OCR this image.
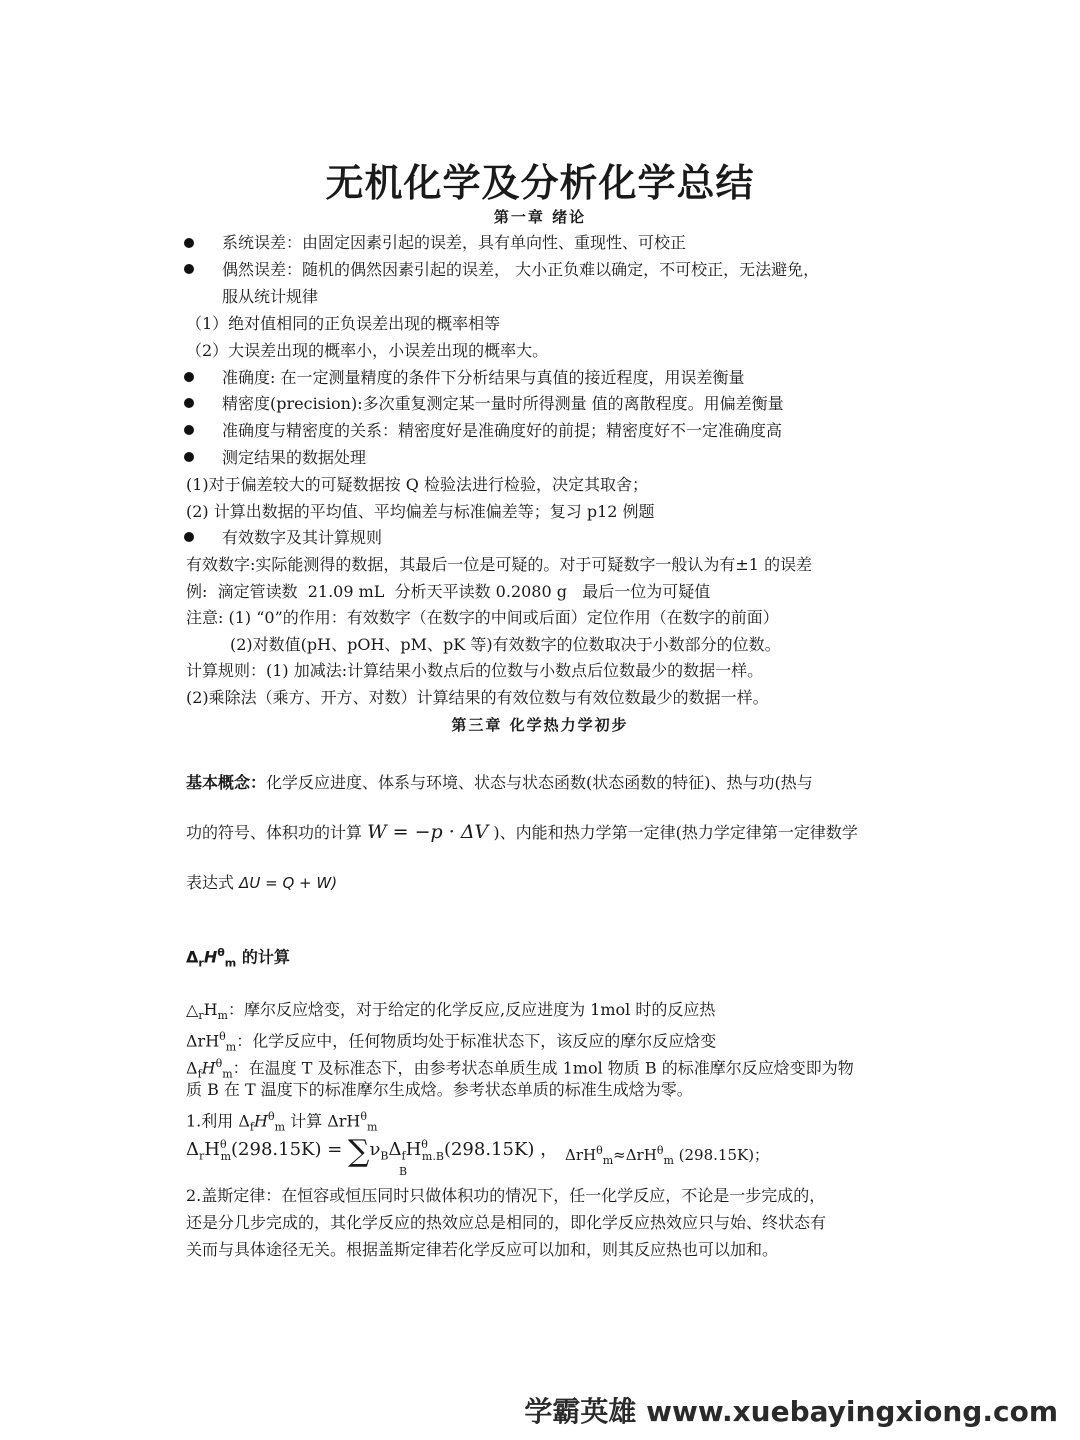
无机化学及分析化学总结
第一章 绪论
系统误差：由固定因素引起的误差，具有单向性、重现性、可校正
偶然误差：随机的偶然因素引起的误差， 大小正负难以确定，不可校正，无法避免，
服从统计规律
（1）绝对值相同的正负误差出现的概率相等
（2）大误差出现的概率小，小误差出现的概率大。
准确度: 在一定测量精度的条件下分析结果与真值的接近程度，用误差衡量
精密度(precision):多次重复测定某一量时所得测量 值的离散程度。用偏差衡量
准确度与精密度的关系：精密度好是准确度好的前提；精密度好不一定准确度高
测定结果的数据处理
(1)对于偏差较大的可疑数据按 Q 检验法进行检验，决定其取舍；
(2) 计算出数据的平均值、平均偏差与标准偏差等；复习 p12 例题
有效数字及其计算规则
有效数字:实际能测得的数据，其最后一位是可疑的。对于可疑数字一般认为有±1 的误差
例:  滴定管读数  21.09 mL  分析天平读数 0.2080 g   最后一位为可疑值
注意: (1) “0”的作用：有效数字（在数字的中间或后面）定位作用（在数字的前面）
(2)对数值(pH、pOH、pM、pK 等)有效数字的位数取决于小数部分的位数。
计算规则：(1) 加减法:计算结果小数点后的位数与小数点后位数最少的数据一样。
(2)乘除法（乘方、开方、对数）计算结果的有效位数与有效位数最少的数据一样。
第三章 化学热力学初步
基本概念：化学反应进度、体系与环境、状态与状态函数(状态函数的特征)、热与功(热与
功的符号、体积功的计算 W = −p · ΔV )、内能和热力学第一定律(热力学定律第一定律数学
表达式 ΔU = Q + W)
$\Delta_rH^\theta_m$ 的计算
$\triangle_rH_m$：摩尔反应焓变，对于给定的化学反应,反应进度为 1mol 时的反应热
ΔrH$^\theta_m$：化学反应中，任何物质均处于标准状态下，该反应的摩尔反应焓变
$\Delta_fH^\theta_m$：在温度 T 及标准态下，由参考状态单质生成 1mol 物质 B 的标准摩尔反应焓变即为物
质 B 在 T 温度下的标准摩尔生成焓。参考状态单质的标准生成焓为零。
1.利用 $\Delta_fH^\theta_m$ 计算 ΔrH$^\theta_m$
$\Delta_rH^\theta_m(298.15K) = \sum\nu_B\Delta_fH^\theta_{m.B}(298.15K)$ ，
B
ΔrH$^\theta_m$≈ΔrH$^\theta_m$ (298.15K)；
2.盖斯定律：在恒容或恒压同时只做体积功的情况下，任一化学反应，不论是一步完成的，
还是分几步完成的，其化学反应的热效应总是相同的，即化学反应热效应只与始、终状态有
关而与具体途径无关。根据盖斯定律若化学反应可以加和，则其反应热也可以加和。
学霸英雄 www.xuebayingxiong.com
